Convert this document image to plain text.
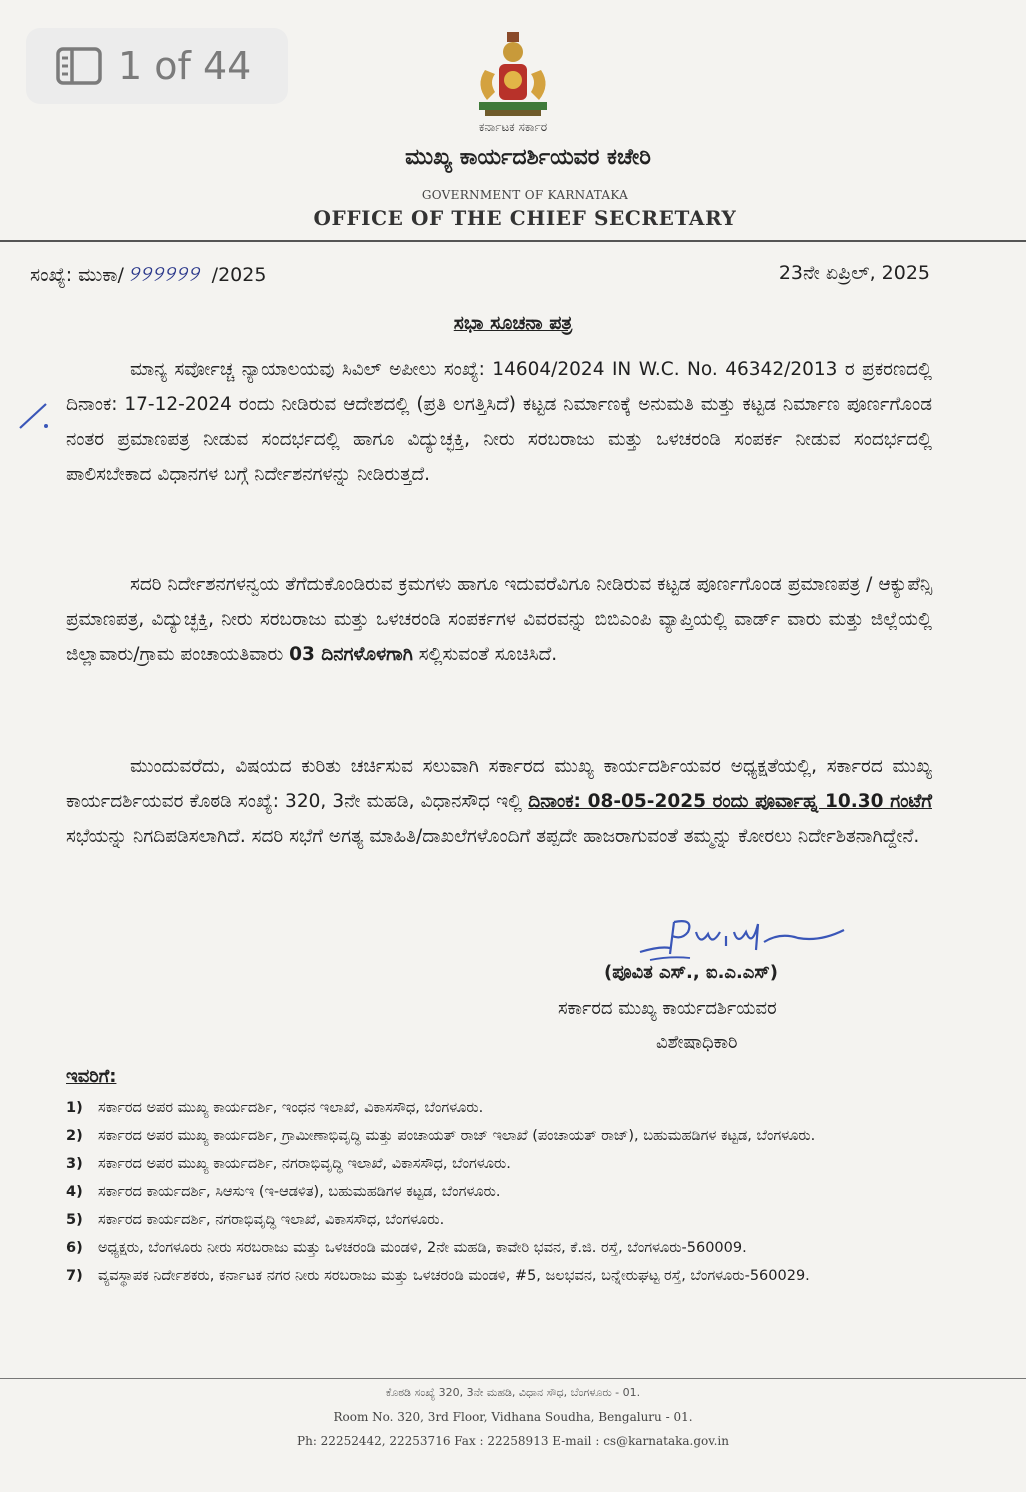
1 of 44
ಕರ್ನಾಟಕ ಸರ್ಕಾರ
ಮುಖ್ಯ ಕಾರ್ಯದರ್ಶಿಯವರ ಕಚೇರಿ
GOVERNMENT OF KARNATAKA
OFFICE OF THE CHIEF SECRETARY
ಸಂಖ್ಯೆ: ಮುಕಾ/ ୨୨୨୨୨୨ /2025	23ನೇ ಏಪ್ರಿಲ್, 2025
ಸಭಾ ಸೂಚನಾ ಪತ್ರ
ಮಾನ್ಯ ಸರ್ವೋಚ್ಚ ನ್ಯಾಯಾಲಯವು ಸಿವಿಲ್ ಅಪೀಲು ಸಂಖ್ಯೆ: 14604/2024 IN W.C. No. 46342/2013 ರ ಪ್ರಕರಣದಲ್ಲಿ ದಿನಾಂಕ: 17-12-2024 ರಂದು ನೀಡಿರುವ ಆದೇಶದಲ್ಲಿ (ಪ್ರತಿ ಲಗತ್ತಿಸಿದೆ) ಕಟ್ಟಡ ನಿರ್ಮಾಣಕ್ಕೆ ಅನುಮತಿ ಮತ್ತು ಕಟ್ಟಡ ನಿರ್ಮಾಣ ಪೂರ್ಣಗೊಂಡ ನಂತರ ಪ್ರಮಾಣಪತ್ರ ನೀಡುವ ಸಂದರ್ಭದಲ್ಲಿ ಹಾಗೂ ವಿದ್ಯುಚ್ಛಕ್ತಿ, ನೀರು ಸರಬರಾಜು ಮತ್ತು ಒಳಚರಂಡಿ ಸಂಪರ್ಕ ನೀಡುವ ಸಂದರ್ಭದಲ್ಲಿ ಪಾಲಿಸಬೇಕಾದ ವಿಧಾನಗಳ ಬಗ್ಗೆ ನಿರ್ದೇಶನಗಳನ್ನು ನೀಡಿರುತ್ತದೆ.
ಸದರಿ ನಿರ್ದೇಶನಗಳನ್ವಯ ತೆಗೆದುಕೊಂಡಿರುವ ಕ್ರಮಗಳು ಹಾಗೂ ಇದುವರೆವಿಗೂ ನೀಡಿರುವ ಕಟ್ಟಡ ಪೂರ್ಣಗೊಂಡ ಪ್ರಮಾಣಪತ್ರ / ಆಕ್ಯುಪೆನ್ಸಿ ಪ್ರಮಾಣಪತ್ರ, ವಿದ್ಯುಚ್ಛಕ್ತಿ, ನೀರು ಸರಬರಾಜು ಮತ್ತು ಒಳಚರಂಡಿ ಸಂಪರ್ಕಗಳ ವಿವರವನ್ನು ಬಿಬಿಎಂಪಿ ವ್ಯಾಪ್ತಿಯಲ್ಲಿ ವಾರ್ಡ್ ವಾರು ಮತ್ತು ಜಿಲ್ಲೆಯಲ್ಲಿ ಜಿಲ್ಲಾವಾರು/ಗ್ರಾಮ ಪಂಚಾಯತಿವಾರು 03 ದಿನಗಳೊಳಗಾಗಿ ಸಲ್ಲಿಸುವಂತೆ ಸೂಚಿಸಿದೆ.
ಮುಂದುವರೆದು, ವಿಷಯದ ಕುರಿತು ಚರ್ಚಿಸುವ ಸಲುವಾಗಿ ಸರ್ಕಾರದ ಮುಖ್ಯ ಕಾರ್ಯದರ್ಶಿಯವರ ಅಧ್ಯಕ್ಷತೆಯಲ್ಲಿ, ಸರ್ಕಾರದ ಮುಖ್ಯ ಕಾರ್ಯದರ್ಶಿಯವರ ಕೊಠಡಿ ಸಂಖ್ಯೆ: 320, 3ನೇ ಮಹಡಿ, ವಿಧಾನಸೌಧ ಇಲ್ಲಿ ದಿನಾಂಕ: 08-05-2025 ರಂದು ಪೂರ್ವಾಹ್ನ 10.30 ಗಂಟೆಗೆ ಸಭೆಯನ್ನು ನಿಗದಿಪಡಿಸಲಾಗಿದೆ. ಸದರಿ ಸಭೆಗೆ ಅಗತ್ಯ ಮಾಹಿತಿ/ದಾಖಲೆಗಳೊಂದಿಗೆ ತಪ್ಪದೇ ಹಾಜರಾಗುವಂತೆ ತಮ್ಮನ್ನು ಕೋರಲು ನಿರ್ದೇಶಿತನಾಗಿದ್ದೇನೆ.
(ಪೂವಿತ ಎಸ್., ಐ.ಎ.ಎಸ್)
ಸರ್ಕಾರದ ಮುಖ್ಯ ಕಾರ್ಯದರ್ಶಿಯವರ
ವಿಶೇಷಾಧಿಕಾರಿ
ಇವರಿಗೆ:
1)	ಸರ್ಕಾರದ ಅಪರ ಮುಖ್ಯ ಕಾರ್ಯದರ್ಶಿ, ಇಂಧನ ಇಲಾಖೆ, ವಿಕಾಸಸೌಧ, ಬೆಂಗಳೂರು.
2)	ಸರ್ಕಾರದ ಅಪರ ಮುಖ್ಯ ಕಾರ್ಯದರ್ಶಿ, ಗ್ರಾಮೀಣಾಭಿವೃದ್ಧಿ ಮತ್ತು ಪಂಚಾಯತ್ ರಾಜ್ ಇಲಾಖೆ (ಪಂಚಾಯತ್ ರಾಜ್), ಬಹುಮಹಡಿಗಳ ಕಟ್ಟಡ, ಬೆಂಗಳೂರು.
3)	ಸರ್ಕಾರದ ಅಪರ ಮುಖ್ಯ ಕಾರ್ಯದರ್ಶಿ, ನಗರಾಭಿವೃದ್ಧಿ ಇಲಾಖೆ, ವಿಕಾಸಸೌಧ, ಬೆಂಗಳೂರು.
4)	ಸರ್ಕಾರದ ಕಾರ್ಯದರ್ಶಿ, ಸಿಆಸುಇ (ಇ-ಆಡಳಿತ), ಬಹುಮಹಡಿಗಳ ಕಟ್ಟಡ, ಬೆಂಗಳೂರು.
5)	ಸರ್ಕಾರದ ಕಾರ್ಯದರ್ಶಿ, ನಗರಾಭಿವೃದ್ಧಿ ಇಲಾಖೆ, ವಿಕಾಸಸೌಧ, ಬೆಂಗಳೂರು.
6)	ಅಧ್ಯಕ್ಷರು, ಬೆಂಗಳೂರು ನೀರು ಸರಬರಾಜು ಮತ್ತು ಒಳಚರಂಡಿ ಮಂಡಳಿ, 2ನೇ ಮಹಡಿ, ಕಾವೇರಿ ಭವನ, ಕೆ.ಜಿ. ರಸ್ತೆ, ಬೆಂಗಳೂರು-560009.
7)	ವ್ಯವಸ್ಥಾಪಕ ನಿರ್ದೇಶಕರು, ಕರ್ನಾಟಕ ನಗರ ನೀರು ಸರಬರಾಜು ಮತ್ತು ಒಳಚರಂಡಿ ಮಂಡಳಿ, #5, ಜಲಭವನ, ಬನ್ನೇರುಘಟ್ಟ ರಸ್ತೆ, ಬೆಂಗಳೂರು-560029.
ಕೊಠಡಿ ಸಂಖ್ಯೆ 320, 3ನೇ ಮಹಡಿ, ವಿಧಾನ ಸೌಧ, ಬೆಂಗಳೂರು - 01.
Room No. 320, 3rd Floor, Vidhana Soudha, Bengaluru - 01.
Ph: 22252442, 22253716 Fax : 22258913 E-mail : cs@karnataka.gov.in
